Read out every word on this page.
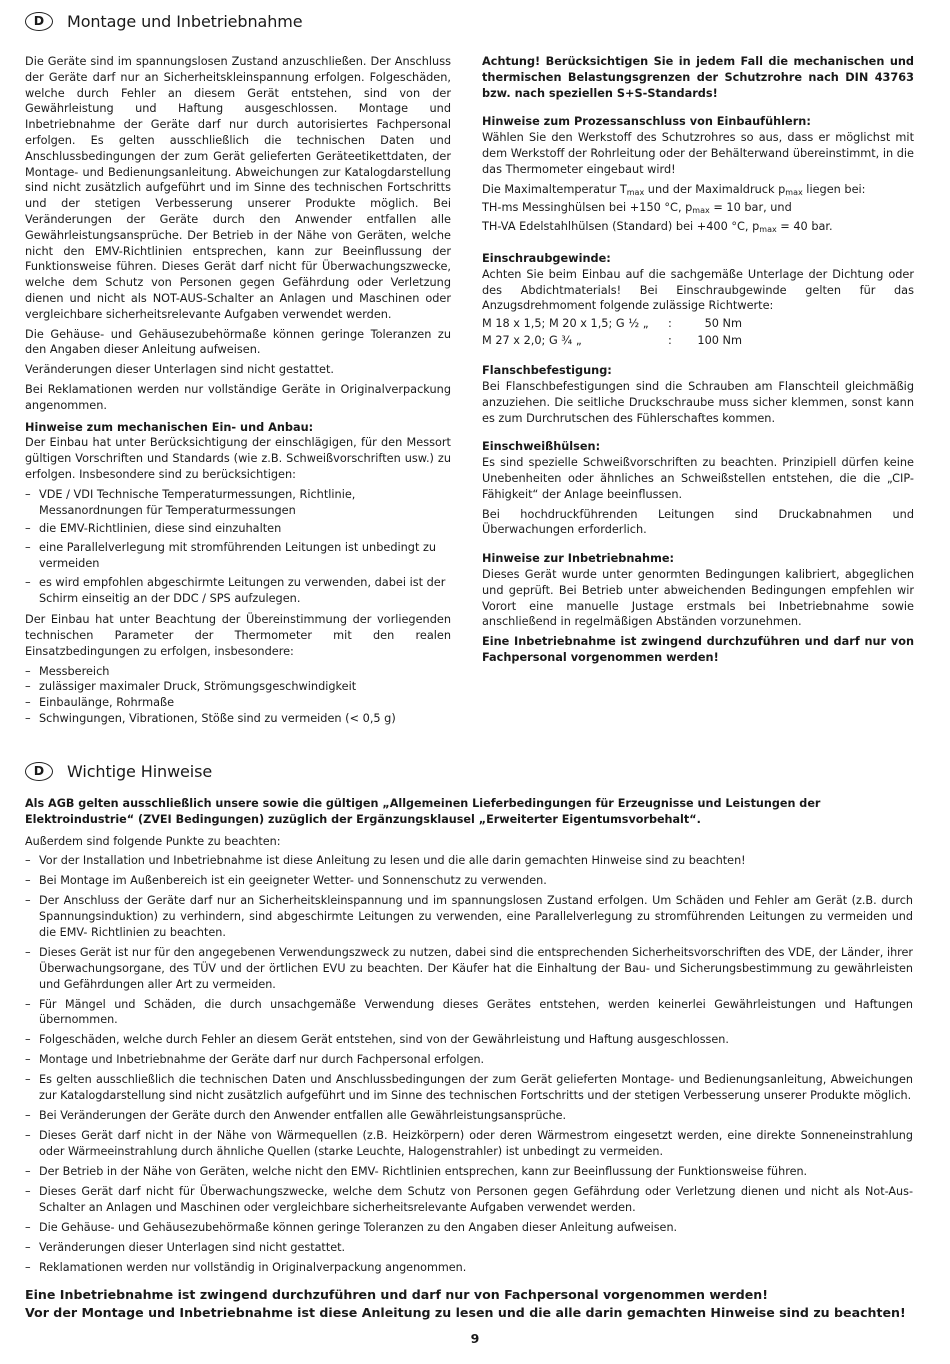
D	Montage und Inbetriebnahme

Die Geräte sind im spannungslosen Zustand anzuschließen. Der Anschluss der Geräte darf nur an Sicherheitskleinspannung erfolgen. Folgeschäden, welche durch Fehler an diesem Gerät entstehen, sind von der Gewährleistung und Haftung ausgeschlossen. Montage und Inbetriebnahme der Geräte darf nur durch autorisiertes Fachpersonal erfolgen. Es gelten ausschließlich die technischen Daten und Anschlussbedingungen der zum Gerät gelieferten Geräteetikettdaten, der Montage- und Bedienungsanleitung. Abweichungen zur Katalogdarstellung sind nicht zusätzlich aufgeführt und im Sinne des technischen Fortschritts und der stetigen Verbesserung unserer Produkte möglich. Bei Veränderungen der Geräte durch den Anwender entfallen alle Gewährleistungsansprüche. Der Betrieb in der Nähe von Geräten, welche nicht den EMV-Richtlinien entsprechen, kann zur Beeinflussung der Funktionsweise führen. Dieses Gerät darf nicht für Überwachungszwecke, welche dem Schutz von Personen gegen Gefährdung oder Verletzung dienen und nicht als NOT-AUS-Schalter an Anlagen und Maschinen oder vergleichbare sicherheitsrelevante Aufgaben verwendet werden.

Die Gehäuse- und Gehäusezubehörmaße können geringe Toleranzen zu den Angaben dieser Anleitung aufweisen.

Veränderungen dieser Unterlagen sind nicht gestattet.

Bei Reklamationen werden nur vollständige Geräte in Originalverpackung angenommen.

Hinweise zum mechanischen Ein- und Anbau:

Der Einbau hat unter Berücksichtigung der einschlägigen, für den Messort gültigen Vorschriften und Standards (wie z.B. Schweißvorschriften usw.) zu erfolgen. Insbesondere sind zu berücksichtigen:

– VDE / VDI Technische Temperaturmessungen, Richtlinie, Messanordnungen für Temperaturmessungen
– die EMV-Richtlinien, diese sind einzuhalten
– eine Parallelverlegung mit stromführenden Leitungen ist unbedingt zu vermeiden
– es wird empfohlen abgeschirmte Leitungen zu verwenden, dabei ist der Schirm einseitig an der DDC / SPS aufzulegen.

Der Einbau hat unter Beachtung der Übereinstimmung der vorliegenden technischen Parameter der Thermometer mit den realen Einsatzbedingungen zu erfolgen, insbesondere:

– Messbereich
– zulässiger maximaler Druck, Strömungsgeschwindigkeit
– Einbaulänge, Rohrmaße
– Schwingungen, Vibrationen, Stöße sind zu vermeiden (< 0,5 g)

Achtung! Berücksichtigen Sie in jedem Fall die mechanischen und thermischen Belastungsgrenzen der Schutzrohre nach DIN 43763 bzw. nach speziellen S+S-Standards!

Hinweise zum Prozessanschluss von Einbaufühlern:

Wählen Sie den Werkstoff des Schutzrohres so aus, dass er möglichst mit dem Werkstoff der Rohrleitung oder der Behälterwand übereinstimmt, in die das Thermometer eingebaut wird!

Die Maximaltemperatur $T_{max}$ und der Maximaldruck $p_{max}$ liegen bei:

TH-ms Messinghülsen bei +150 °C, $p_{max} = 10$ bar, und

TH-VA Edelstahlhülsen (Standard) bei +400 °C, $p_{max} = 40$ bar.

Einschraubgewinde:

Achten Sie beim Einbau auf die sachgemäße Unterlage der Dichtung oder des Abdichtmaterials! Bei Einschraubgewinde gelten für das Anzugsdrehmoment folgende zulässige Richtwerte:

M 18 x 1,5; M 20 x 1,5; G ½ „	:	50 Nm
M 27 x 2,0; G ¾ „	:	100 Nm

Flanschbefestigung:

Bei Flanschbefestigungen sind die Schrauben am Flanschteil gleichmäßig anzuziehen. Die seitliche Druckschraube muss sicher klemmen, sonst kann es zum Durchrutschen des Fühlerschaftes kommen.

Einschweißhülsen:

Es sind spezielle Schweißvorschriften zu beachten. Prinzipiell dürfen keine Unebenheiten oder ähnliches an Schweißstellen entstehen, die die „CIP-Fähigkeit“ der Anlage beeinflussen.

Bei hochdruckführenden Leitungen sind Druckabnahmen und Überwachungen erforderlich.

Hinweise zur Inbetriebnahme:

Dieses Gerät wurde unter genormten Bedingungen kalibriert, abgeglichen und geprüft. Bei Betrieb unter abweichenden Bedingungen empfehlen wir Vorort eine manuelle Justage erstmals bei Inbetriebnahme sowie anschließend in regelmäßigen Abständen vorzunehmen.

Eine Inbetriebnahme ist zwingend durchzuführen und darf nur von Fachpersonal vorgenommen werden!

D	Wichtige Hinweise

Als AGB gelten ausschließlich unsere sowie die gültigen „Allgemeinen Lieferbedingungen für Erzeugnisse und Leistungen der Elektroindustrie“ (ZVEI Bedingungen) zuzüglich der Ergänzungsklausel „Erweiterter Eigentumsvorbehalt“.

Außerdem sind folgende Punkte zu beachten:

– Vor der Installation und Inbetriebnahme ist diese Anleitung zu lesen und die alle darin gemachten Hinweise sind zu beachten!
– Bei Montage im Außenbereich ist ein geeigneter Wetter- und Sonnenschutz zu verwenden.
– Der Anschluss der Geräte darf nur an Sicherheitskleinspannung und im spannungslosen Zustand erfolgen. Um Schäden und Fehler am Gerät (z.B. durch Spannungsinduktion) zu verhindern, sind abgeschirmte Leitungen zu verwenden, eine Parallelverlegung zu stromführenden Leitungen zu vermeiden und die EMV- Richtlinien zu beachten.
– Dieses Gerät ist nur für den angegebenen Verwendungszweck zu nutzen, dabei sind die entsprechenden Sicherheitsvorschriften des VDE, der Länder, ihrer Überwachungsorgane, des TÜV und der örtlichen EVU zu beachten. Der Käufer hat die Einhaltung der Bau- und Sicherungsbestimmung zu gewährleisten und Gefährdungen aller Art zu vermeiden.
– Für Mängel und Schäden, die durch unsachgemäße Verwendung dieses Gerätes entstehen, werden keinerlei Gewährleistungen und Haftungen übernommen.
– Folgeschäden, welche durch Fehler an diesem Gerät entstehen, sind von der Gewährleistung und Haftung ausgeschlossen.
– Montage und Inbetriebnahme der Geräte darf nur durch Fachpersonal erfolgen.
– Es gelten ausschließlich die technischen Daten und Anschlussbedingungen der zum Gerät gelieferten Montage- und Bedienungsanleitung, Abweichungen zur Katalogdarstellung sind nicht zusätzlich aufgeführt und im Sinne des technischen Fortschritts und der stetigen Verbesserung unserer Produkte möglich.
– Bei Veränderungen der Geräte durch den Anwender entfallen alle Gewährleistungsansprüche.
– Dieses Gerät darf nicht in der Nähe von Wärmequellen (z.B. Heizkörpern) oder deren Wärmestrom eingesetzt werden, eine direkte Sonneneinstrahlung oder Wärmeeinstrahlung durch ähnliche Quellen (starke Leuchte, Halogenstrahler) ist unbedingt zu vermeiden.
– Der Betrieb in der Nähe von Geräten, welche nicht den EMV- Richtlinien entsprechen, kann zur Beeinflussung der Funktionsweise führen.
– Dieses Gerät darf nicht für Überwachungszwecke, welche dem Schutz von Personen gegen Gefährdung oder Verletzung dienen und nicht als Not-Aus-Schalter an Anlagen und Maschinen oder vergleichbare sicherheitsrelevante Aufgaben verwendet werden.
– Die Gehäuse- und Gehäusezubehörmaße können geringe Toleranzen zu den Angaben dieser Anleitung aufweisen.
– Veränderungen dieser Unterlagen sind nicht gestattet.
– Reklamationen werden nur vollständig in Originalverpackung angenommen.

Eine Inbetriebnahme ist zwingend durchzuführen und darf nur von Fachpersonal vorgenommen werden!

Vor der Montage und Inbetriebnahme ist diese Anleitung zu lesen und die alle darin gemachten Hinweise sind zu beachten!

9
